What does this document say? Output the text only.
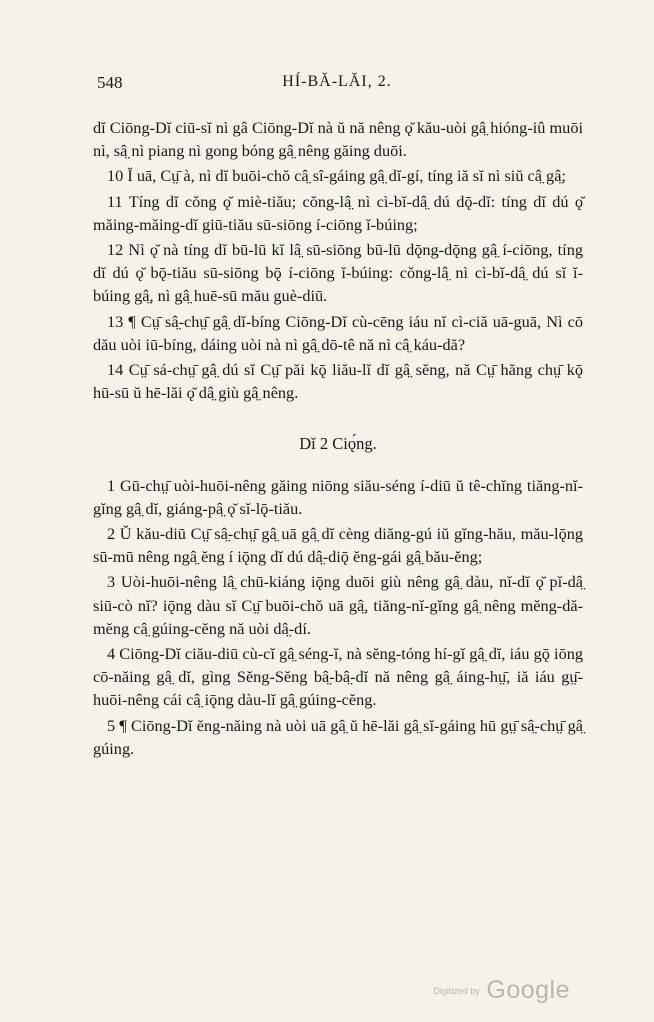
548	HÍ-BĂ-LĂI, 2.

dĭ Ciōng-Dĭ ciū-sĭ nì gâ Ciōng-Dĭ nà ŭ nă nêng ǫ̆ kău-uòi gâ̤ hióng-iû muōi nì, sâ̤ nì piang nì gong bóng gâ̤ nêng găing duōi.

10 Ĭ uā, Cṳ̄ à, nì dĭ buōi-chŏ câ̤ sî-gáing gâ̤ dĭ-gí, tíng iă sĭ nì siŭ câ̤ gâ̤;

11 Tíng dĭ cŏng ǫ̆ miè-tiău; cŏng-lâ̤ nì cì-bĭ-dâ̤ dú dǭ-dĭ: tíng dĭ dú ǫ̆ măing-măing-dĭ giū-tiău sū-siōng í-ciōng ĭ-búing;

12 Nì ǫ̆ nà tíng dĭ bū-lū kĭ lâ̤ sū-siōng bū-lū dǭng-dǭng gâ̤ í-ciōng, tíng dĭ dú ǫ̆ bǭ-tiău sū-siōng bǭ í-ciōng ĭ-búing: cŏng-lâ̤ nì cì-bĭ-dâ̤ dú sĭ ĭ-búing gâ̤, nì gâ̤ huē-sū mău guè-diū.

13 ¶ Cṳ̄ sâ̤-chṳ̄ gâ̤ dĭ-bíng Ciōng-Dĭ cù-cēng iáu nĭ cì-ciă uā-guā, Nì cō dău uòi iū-bíng, dáing uòi nà nì gâ̤ dō-tê nă nì câ̤ káu-dă?

14 Cṳ̄ sá-chṳ̄ gâ̤ dú sĭ Cṳ̄ păi kǭ liău-lĭ dĭ gâ̤ sĕng, nă Cṳ̄ hăng chṳ̄ kǭ hū-sū ŭ hē-lăi ǫ̆ dâ̤ giù gâ̤ nêng.

Dĭ 2 Ciǫ́ng.

1 Gū-chṳ̄ uòi-huōi-nêng găing niōng siău-séng í-diū ŭ tê-chĭng tiăng-nĭ-gĭng gâ̤ dĭ, giáng-pâ̤ ǫ̆ sĭ-lǭ-tiău.

2 Ŭ kău-diū Cṳ̄ sâ̤-chṳ̄ gâ̤ uā gâ̤ dĭ cèng diăng-gú iŭ gĭng-hău, mău-lǭng sū-mū nêng ngâ̤ ĕng í iǭng dĭ dú dâ̤-diǭ ĕng-gái gâ̤ bău-ĕng;

3 Uòi-huōi-nêng lâ̤ chū-kiáng iǭng duōi giù nêng gâ̤ dàu, nĭ-dĭ ǫ̆ pĭ-dâ̤ siū-cò nĭ? iǭng dàu sĭ Cṳ̄ buōi-chŏ uā gâ̤, tiăng-nĭ-gĭng gâ̤ nêng mĕng-dă-mĕng câ̤ gúing-cĕng nă uòi dâ̤-dí.

4 Ciōng-Dĭ ciău-diū cù-cĭ gâ̤ séng-ĭ, nà sĕng-tóng hí-gĭ gâ̤ dĭ, iáu gǭ iōng cō-năing gâ̤ dĭ, gìng Sĕng-Sĕng bâ̤-bâ̤-dĭ nă nêng gâ̤ áing-hṳ̄, iă iáu gṳ̄-huōi-nêng cái câ̤ iǭng dàu-lĭ gâ̤ gúing-cĕng.

5 ¶ Ciōng-Dĭ ĕng-năing nà uòi uā gâ̤ ŭ hē-lăi gâ̤ sĭ-gáing hū gṳ̄ sâ̤-chṳ̄ gâ̤ gúing.

Digitized by Google
